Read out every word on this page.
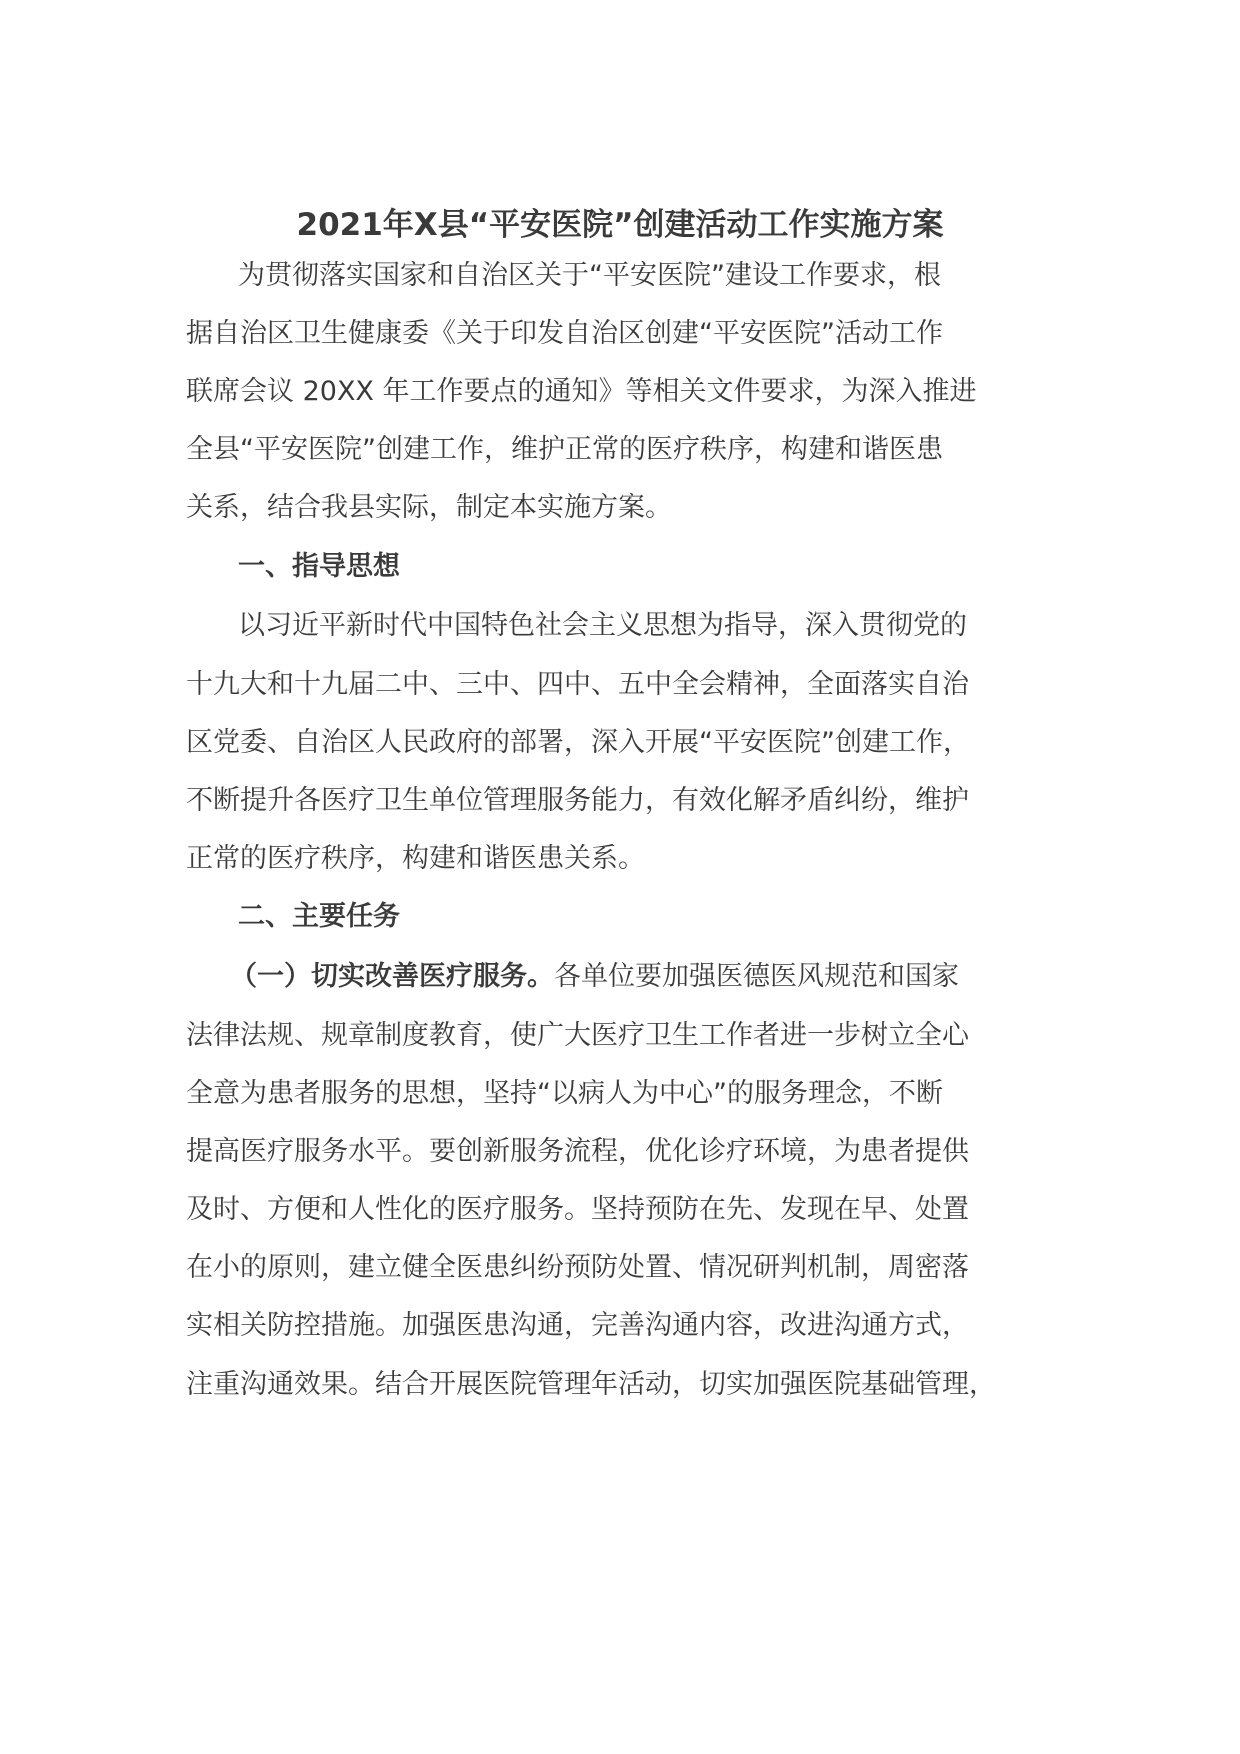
2021年X县“平安医院”创建活动工作实施方案

为贯彻落实国家和自治区关于“平安医院”建设工作要求，根

据自治区卫生健康委《关于印发自治区创建“平安医院”活动工作

联席会议 20XX 年工作要点的通知》等相关文件要求，为深入推进

全县“平安医院”创建工作，维护正常的医疗秩序，构建和谐医患

关系，结合我县实际，制定本实施方案。

一、指导思想

以习近平新时代中国特色社会主义思想为指导，深入贯彻党的

十九大和十九届二中、三中、四中、五中全会精神，全面落实自治

区党委、自治区人民政府的部署，深入开展“平安医院”创建工作，

不断提升各医疗卫生单位管理服务能力，有效化解矛盾纠纷，维护

正常的医疗秩序，构建和谐医患关系。

二、主要任务

（一）切实改善医疗服务。各单位要加强医德医风规范和国家

法律法规、规章制度教育，使广大医疗卫生工作者进一步树立全心

全意为患者服务的思想，坚持“以病人为中心”的服务理念，不断

提高医疗服务水平。要创新服务流程，优化诊疗环境，为患者提供

及时、方便和人性化的医疗服务。坚持预防在先、发现在早、处置

在小的原则，建立健全医患纠纷预防处置、情况研判机制，周密落

实相关防控措施。加强医患沟通，完善沟通内容，改进沟通方式，

注重沟通效果。结合开展医院管理年活动，切实加强医院基础管理，
